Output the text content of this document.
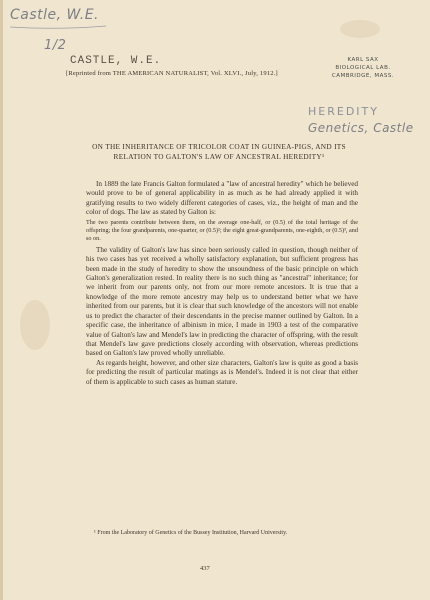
Castle, W.E.
1/2
CASTLE, W.E.	KARL SAX
BIOLOGICAL LAB.
CAMBRIDGE, MASS.
[Reprinted from THE AMERICAN NATURALIST, Vol. XLVI., July, 1912.]
HEREDITY
Genetics, Castle
ON THE INHERITANCE OF TRICOLOR COAT IN GUINEA-PIGS, AND ITS RELATION TO GALTON'S LAW OF ANCESTRAL HEREDITY¹

In 1889 the late Francis Galton formulated a "law of ancestral heredity" which he believed would prove to be of general applicability in as much as he had already applied it with gratifying results to two widely different categories of cases, viz., the height of man and the color of dogs. The law as stated by Galton is:

The two parents contribute between them, on the average one-half, or (0.5) of the total heritage of the offspring; the four grandparents, one-quarter, or (0.5)²; the eight great-grandparents, one-eighth, or (0.5)³, and so on.

The validity of Galton's law has since been seriously called in question, though neither of his two cases has yet received a wholly satisfactory explanation, but sufficient progress has been made in the study of heredity to show the unsoundness of the basic principle on which Galton's generalization rested. In reality there is no such thing as "ancestral" inheritance; for we inherit from our parents only, not from our more remote ancestors. It is true that a knowledge of the more remote ancestry may help us to understand better what we have inherited from our parents, but it is clear that such knowledge of the ancestors will not enable us to predict the character of their descendants in the precise manner outlined by Galton. In a specific case, the inheritance of albinism in mice, I made in 1903 a test of the comparative value of Galton's law and Mendel's law in predicting the character of offspring, with the result that Mendel's law gave predictions closely according with observation, whereas predictions based on Galton's law proved wholly unreliable.

As regards height, however, and other size characters, Galton's law is quite as good a basis for predicting the result of particular matings as is Mendel's. Indeed it is not clear that either of them is applicable to such cases as human stature.

¹ From the Laboratory of Genetics of the Bussey Institution, Harvard University.
437
